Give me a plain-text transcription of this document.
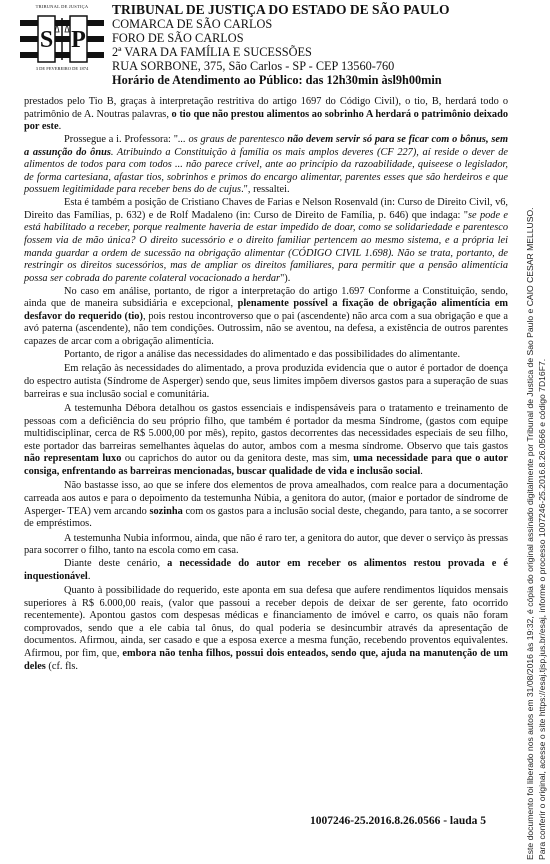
TRIBUNAL DE JUSTIÇA
S P
3 DE FEVEREIRO DE 1874
TRIBUNAL DE JUSTIÇA DO ESTADO DE SÃO PAULO
COMARCA DE SÃO CARLOS
FORO DE SÃO CARLOS
2ª VARA DA FAMÍLIA E SUCESSÕES
RUA SORBONE, 375, São Carlos - SP - CEP 13560-760
Horário de Atendimento ao Público: das 12h30min àsl9h00min

prestados pelo Tio B, graças à interpretação restritiva do artigo 1697 do Código Civil), o tio, B, herdará todo o patrimônio de A. Noutras palavras, o tio que não prestou alimentos ao sobrinho A herdará o patrimônio deixado por este.

Prossegue a i. Professora: "... os graus de parentesco não devem servir só para se ficar com o bônus, sem a assunção do ônus. Atribuindo a Constituição à família os mais amplos deveres (CF 227), aí reside o dever de alimentos de todos para com todos ... não parece crível, ante ao princípio da razoabilidade, quiseese o legislador, de forma cartesiana, afastar tios, sobrinhos e primos do encargo alimentar, parentes esses que são herdeiros e que possuem legitimidade para receber bens do de cujus.", ressaltei.

Esta é também a posição de Cristiano Chaves de Farias e Nelson Rosenvald (in: Curso de Direito Civil, v6, Direito das Famílias, p. 632) e de Rolf Madaleno (in: Curso de Direito de Família, p. 646) que indaga: "se pode e está habilitado a receber, porque realmente haveria de estar impedido de doar, como se solidariedade e parentesco fossem via de mão única? O direito sucessório e o direito familiar pertencem ao mesmo sistema, e a própria lei manda guardar a ordem de sucessão na obrigação alimentar (CÓDIGO CIVIL 1.698). Não se trata, portanto, de restringir os direitos sucessórios, mas de ampliar os direitos familiares, para permitir que a pensão alimentícia possa ser cobrada do parente colateral vocacionado a herdar").

No caso em análise, portanto, de rigor a interpretação do artigo 1.697 Conforme a Constituição, sendo, ainda que de maneira subsidiária e excepcional, plenamente possível a fixação de obrigação alimentícia em desfavor do requerido (tio), pois restou incontroverso que o pai (ascendente) não arca com a sua obrigação e que a avó paterna (ascendente), não tem condições. Outrossim, não se aventou, na defesa, a existência de outros parentes capazes de arcar com a obrigação alimentícia.

Portanto, de rigor a análise das necessidades do alimentado e das possibilidades do alimentante.

Em relação às necessidades do alimentado, a prova produzida evidencia que o autor é portador de doença do espectro autista (Síndrome de Asperger) sendo que, seus limites impõem diversos gastos para a superação de suas barreiras e sua inclusão social e comunitária.

A testemunha Débora detalhou os gastos essenciais e indispensáveis para o tratamento e treinamento de pessoas com a deficiência do seu próprio filho, que também é portador da mesma Síndrome, (gastos com equipe multidisciplinar, cerca de R$ 5.000,00 por mês), repito, gastos decorrentes das necessidades especiais de seu filho, este portador das barreiras semelhantes àquelas do autor, ambos com a mesma síndrome. Observo que tais gastos não representam luxo ou caprichos do autor ou da genitora deste, mas sim, uma necessidade para que o autor consiga, enfrentando as barreiras mencionadas, buscar qualidade de vida e inclusão social.

Não bastasse isso, ao que se infere dos elementos de prova amealhados, com realce para a documentação carreada aos autos e para o depoimento da testemunha Núbia, a genitora do autor, (maior e portador de síndrome de Asperger- TEA) vem arcando sozinha com os gastos para a inclusão social deste, chegando, para tanto, a se socorrer de empréstimos.

A testemunha Nubia informou, ainda, que não é raro ter, a genitora do autor, que dever o serviço às pressas para socorrer o filho, tanto na escola como em casa.

Diante deste cenário, a necessidade do autor em receber os alimentos restou provada e é inquestionável.

Quanto à possibilidade do requerido, este aponta em sua defesa que aufere rendimentos líquidos mensais superiores à R$ 6.000,00 reais, (valor que passoui a receber depois de deixar de ser gerente, fato ocorrido recentemente). Apontou gastos com despesas médicas e financiamento de imóvel e carro, os quais não foram comprovados, sendo que a ele cabia tal ônus, do qual poderia se desincumbir através da apresentação de documentos. Afirmou, ainda, ser casado e que a esposa exerce a mesma função, recebendo proventos equivalentes. Afirmou, por fim, que, embora não tenha filhos, possui dois enteados, sendo que, ajuda na manutenção de um deles (cf. fls.

1007246-25.2016.8.26.0566 - lauda 5	Este documento foi liberado nos autos em 31/08/2016 às 19:32, é cópia do original assinado digitalmente por Tribunal de Justica de Sao Paulo e CAIO CESAR MELLUSO. Para conferir o original, acesse o site https://esaj.tjsp.jus.br/esaj, informe o processo 1007246-25.2016.8.26.0566 e código 7D16F7.
